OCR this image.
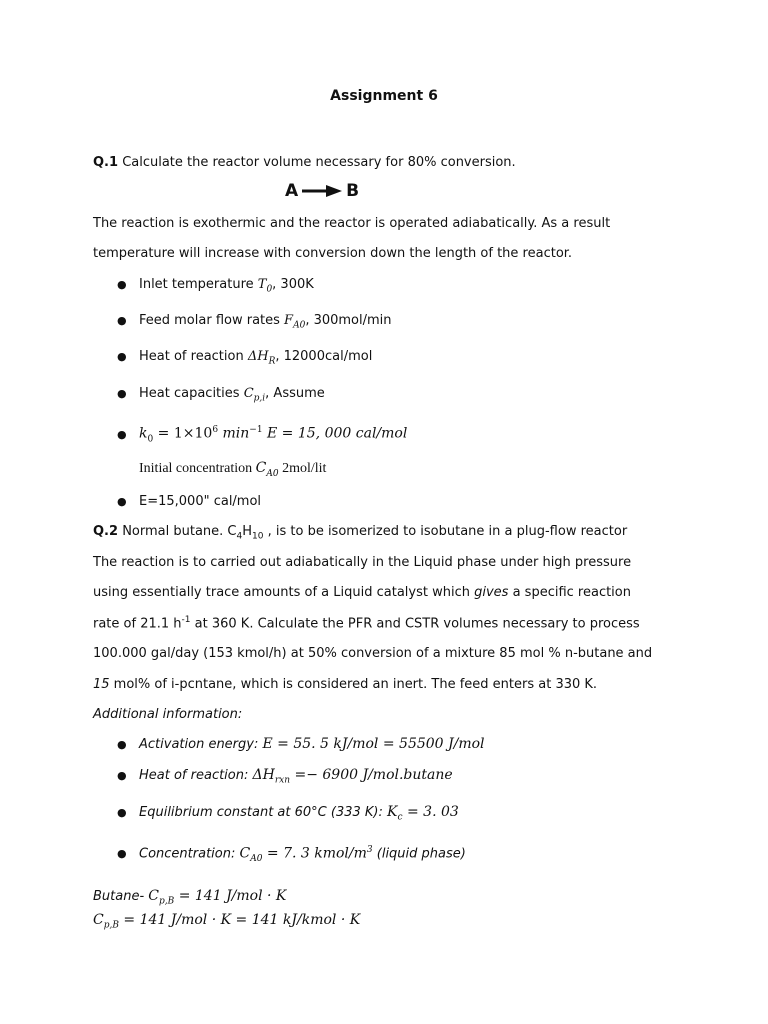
Assignment 6
Q.1 Calculate the reactor volume necessary for 80% conversion.
A	B
The reaction is exothermic and the reactor is operated adiabatically. As a result
temperature will increase with conversion down the length of the reactor.
● Inlet temperature $T_0$, 300K
● Feed molar flow rates $F_{A0}$, 300mol/min
● Heat of reaction $\Delta H_R$, 12000cal/mol
● Heat capacities $C_{p,i}$, Assume
● $k_0 = 1\times 10^6$ $\min^{-1} E = 15$, 000 cal/mol
Initial concentration $C_{A0}$ 2mol/lit
● E=15,000" cal/mol
Q.2 Normal butane. $C_4H_{10}$ , is to be isomerized to isobutane in a plug-flow reactor
The reaction is to carried out adiabatically in the Liquid phase under high pressure
using essentially trace amounts of a Liquid catalyst which gives a specific reaction
rate of 21.1 $h^{-1}$ at 360 K. Calculate the PFR and CSTR volumes necessary to process
100.000 gal/day (153 kmol/h) at 50% conversion of a mixture 85 mol % n-butane and
15 mol% of i-pcntane, which is considered an inert. The feed enters at 330 K.
Additional information:
● Activation energy: E = 55. 5 kJ/mol = 55500 J/mol
● Heat of reaction: $\Delta H_{rxn} =- 6900$ J/mol.butane
● Equilibrium constant at 60°C (333 K): $K_c = 3$. 03
● Concentration: $C_{A0} = 7$. 3 kmol/$m^3$ (liquid phase)
Butane- $C_{p,B} = 141$ J/mol · K
$C_{p,B} = 141$ J/mol · K = 141 kJ/kmol · K
